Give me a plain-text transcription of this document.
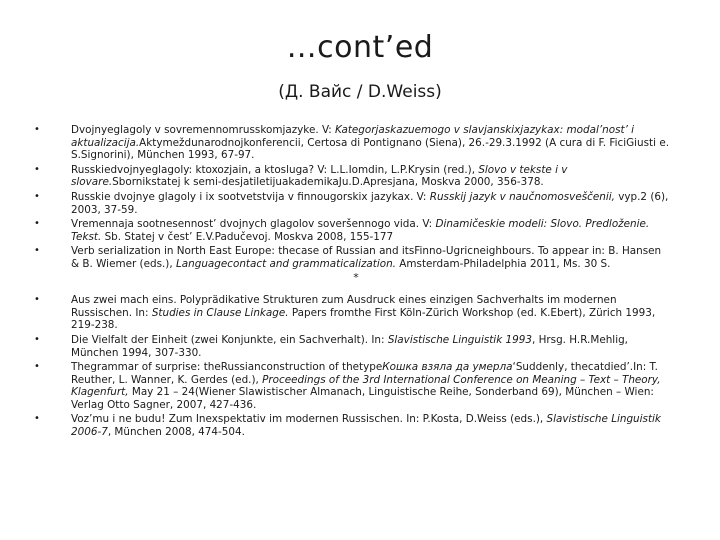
…cont’ed
(Д. Вайс / D.Weiss)
•	Dvojnyeglagoly v sovremennomrusskomjazyke. V: Kategorjaskazuemogo v slavjanskixjazykax: modal’nost’ i aktualizacija.Aktymeždunarodnojkonferencii, Certosa di Pontignano (Siena), 26.-29.3.1992 (A cura di F. FiciGiusti e. S.Signorini), München 1993, 67-97.
•	Russkiedvojnyeglagoly: ktoxozjain, a ktosluga? V: L.L.Iomdin, L.P.Krysin (red.), Slovo v tekste i v slovare.Sbornikstatej k semi-desjatiletijuakademikaJu.D.Apresjana, Moskva 2000, 356-378.
•	Russkie dvojnye glagoly i ix sootvetstvija v finnougorskix jazykax. V: Russkij jazyk v naučnomosveščenii, vyp.2 (6), 2003, 37-59.
•	Vremennaja sootnesennost’ dvojnych glagolov soveršennogo vida. V: Dinamičeskie modeli: Slovo. Predloženie. Tekst. Sb. Statej v čest’ E.V.Padučevoj. Moskva 2008, 155-177
•	Verb serialization in North East Europe: thecase of Russian and itsFinno-Ugricneighbours. To appear in: B. Hansen & B. Wiemer (eds.), Languagecontact and grammaticalization. Amsterdam-Philadelphia 2011, Ms. 30 S.
*
•	Aus zwei mach eins. Polyprädikative Strukturen zum Ausdruck eines einzigen Sachverhalts im modernen Russischen. In: Studies in Clause Linkage. Papers fromthe First Köln-Zürich Workshop (ed. K.Ebert), Zürich 1993, 219-238.
•	Die Vielfalt der Einheit (zwei Konjunkte, ein Sachverhalt). In: Slavistische Linguistik 1993, Hrsg. H.R.Mehlig, München 1994, 307-330.
•	Thegrammar of surprise: theRussianconstruction of thetypeКошка взяла да умерла‘Suddenly, thecatdied’.In: T. Reuther, L. Wanner, K. Gerdes (ed.), Proceedings of the 3rd International Conference on Meaning – Text – Theory, Klagenfurt, May 21 – 24(Wiener Slawistischer Almanach, Linguistische Reihe, Sonderband 69), München – Wien: Verlag Otto Sagner, 2007, 427-436.
•	Voz’mu i ne budu! Zum Inexspektativ im modernen Russischen. In: P.Kosta, D.Weiss (eds.), Slavistische Linguistik 2006-7, München 2008, 474-504.
